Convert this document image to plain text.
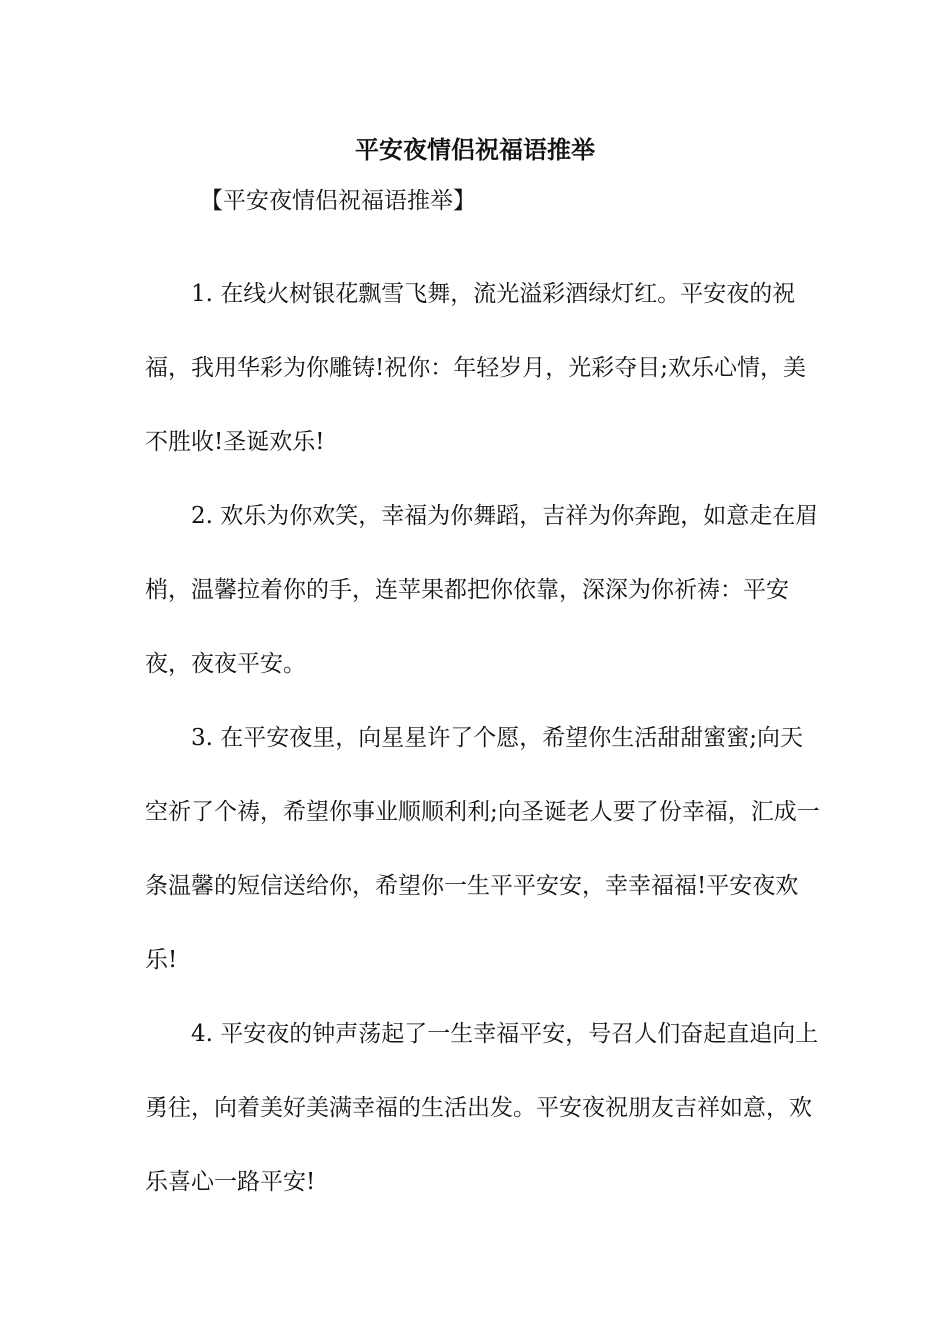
平安夜情侣祝福语推举
【平安夜情侣祝福语推举】

1. 在线火树银花飘雪飞舞，流光溢彩酒绿灯红。平安夜的祝福，我用华彩为你雕铸!祝你：年轻岁月，光彩夺目;欢乐心情，美不胜收!圣诞欢乐!

2. 欢乐为你欢笑，幸福为你舞蹈，吉祥为你奔跑，如意走在眉梢，温馨拉着你的手，连苹果都把你依靠，深深为你祈祷：平安夜，夜夜平安。

3. 在平安夜里，向星星许了个愿，希望你生活甜甜蜜蜜;向天空祈了个祷，希望你事业顺顺利利;向圣诞老人要了份幸福，汇成一条温馨的短信送给你，希望你一生平平安安，幸幸福福!平安夜欢乐!

4. 平安夜的钟声荡起了一生幸福平安，号召人们奋起直追向上勇往，向着美好美满幸福的生活出发。平安夜祝朋友吉祥如意，欢乐喜心一路平安!
